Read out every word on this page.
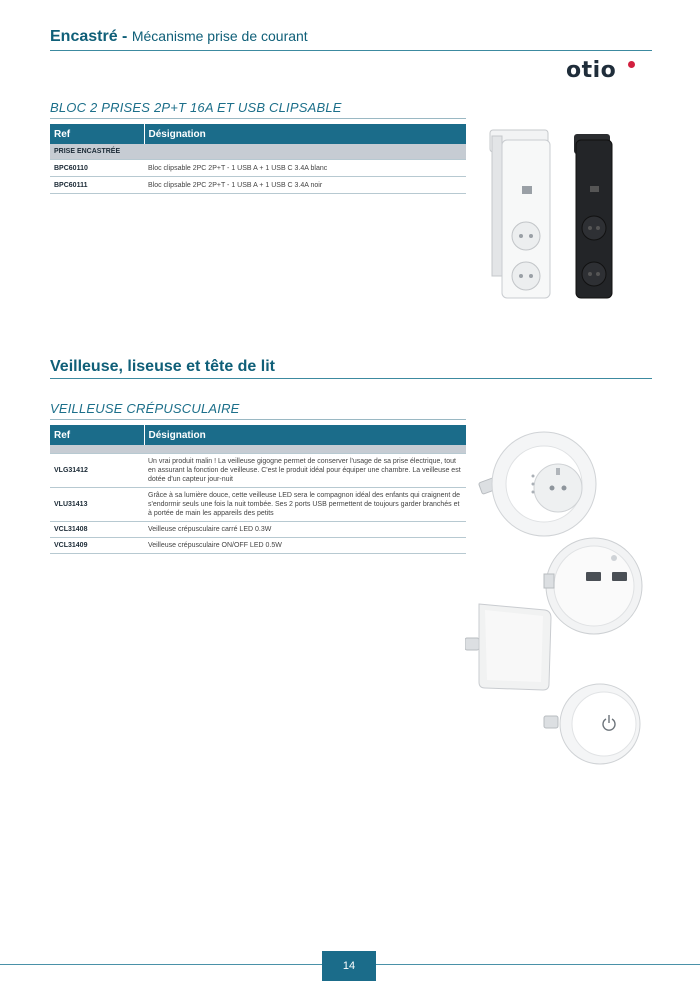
Encastré - Mécanisme prise de courant
otio
BLOC 2 PRISES 2P+T 16A ET USB CLIPSABLE
Ref	Désignation
PRISE ENCASTRÉE	
BPC60110	Bloc clipsable 2PC 2P+T - 1 USB A + 1 USB C 3.4A blanc
BPC60111	Bloc clipsable 2PC 2P+T - 1 USB A + 1 USB C 3.4A noir
Veilleuse, liseuse et tête de lit
VEILLEUSE CRÉPUSCULAIRE
Ref	Désignation

VLG31412	Un vrai produit malin ! La veilleuse gigogne permet de conserver l'usage de sa prise électrique, tout en assurant la fonction de veilleuse. C'est le produit idéal pour équiper une chambre. La veilleuse est dotée d'un capteur jour-nuit
VLU31413	Grâce à sa lumière douce, cette veilleuse LED sera le compagnon idéal des enfants qui craignent de s'endormir seuls une fois la nuit tombée. Ses 2 ports USB permettent de toujours garder branchés et à portée de main les appareils des petits
VCL31408	Veilleuse crépusculaire carré LED 0.3W
VCL31409	Veilleuse crépusculaire ON/OFF LED 0.5W
14
